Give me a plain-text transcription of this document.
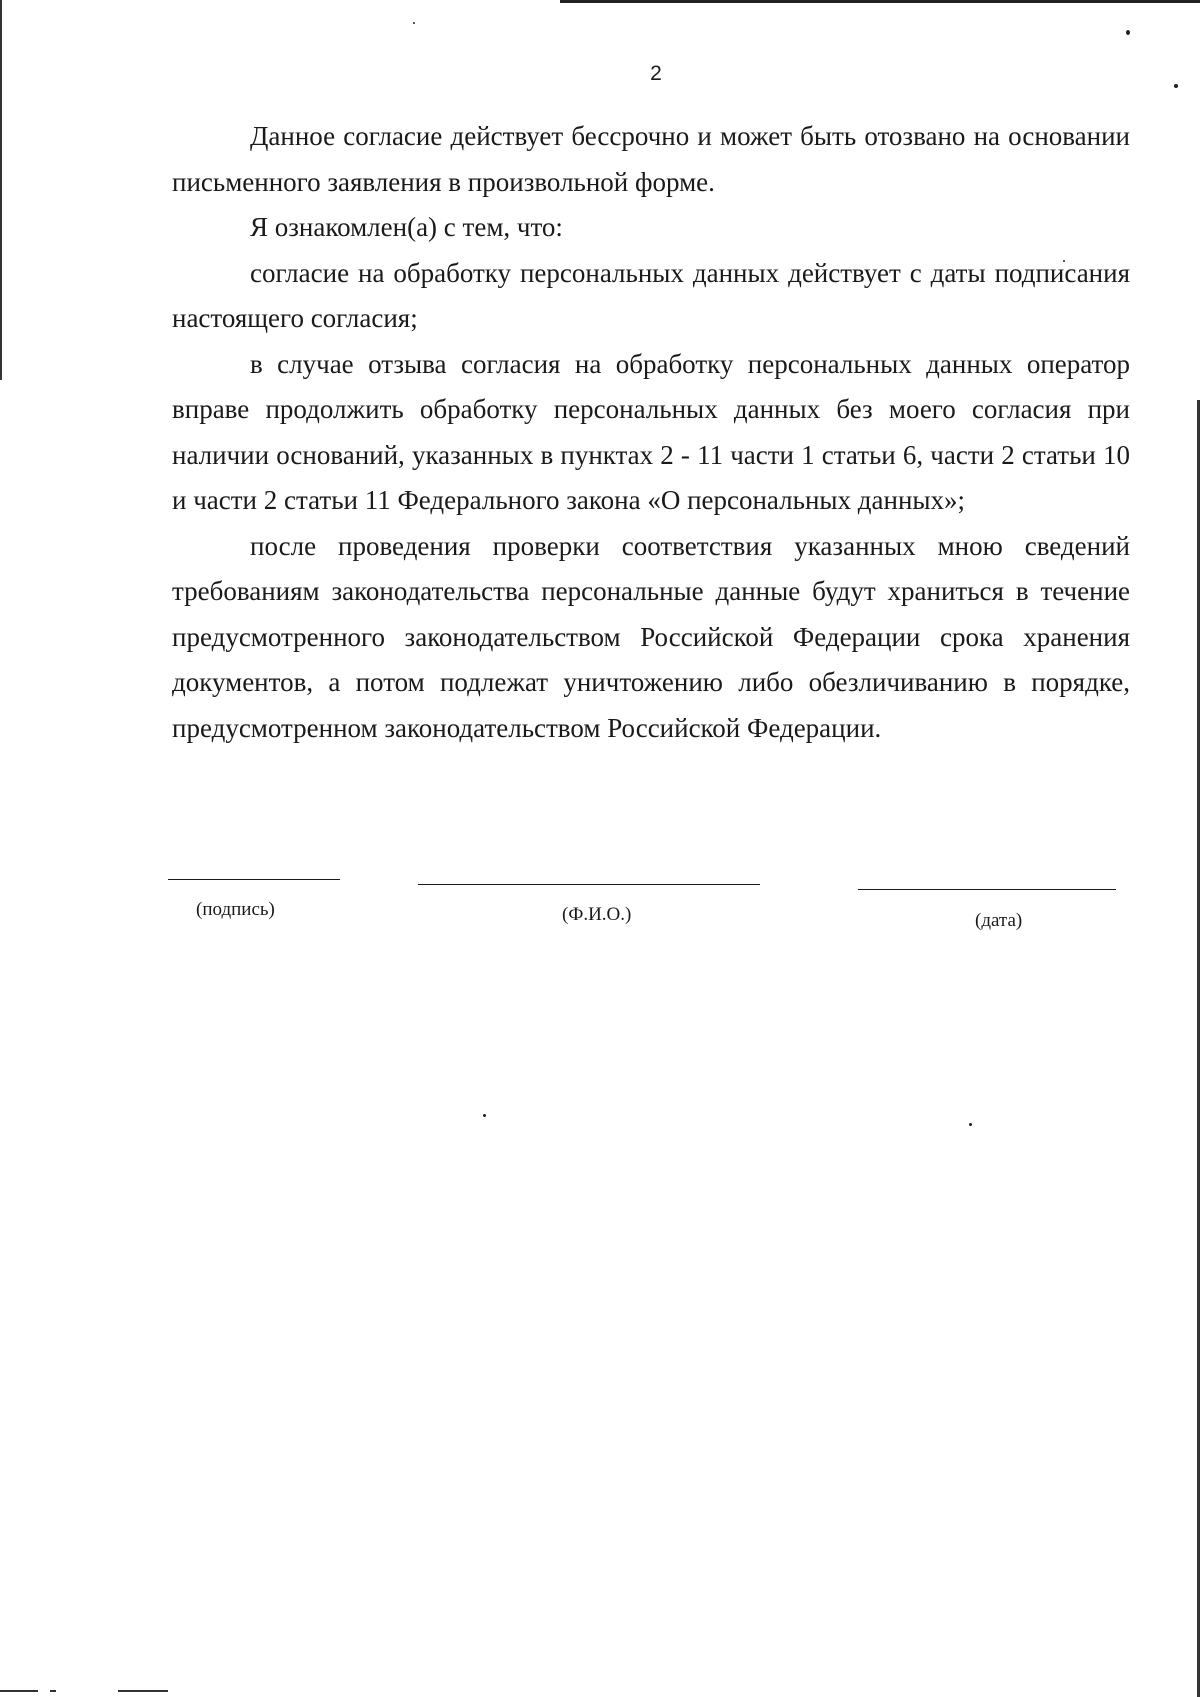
2

Данное согласие действует бессрочно и может быть отозвано на основании письменного заявления в произвольной форме.

Я ознакомлен(а) с тем, что:

согласие на обработку персональных данных действует с даты подписания настоящего согласия;

в случае отзыва согласия на обработку персональных данных оператор вправе продолжить обработку персональных данных без моего согласия при наличии оснований, указанных в пунктах 2 - 11 части 1 статьи 6, части 2 статьи 10 и части 2 статьи 11 Федерального закона «О персональных данных»;

после проведения проверки соответствия указанных мною сведений требованиям законодательства персональные данные будут храниться в течение предусмотренного законодательством Российской Федерации срока хранения документов, а потом подлежат уничтожению либо обезличиванию в порядке, предусмотренном законодательством Российской Федерации.

(подпись)	(Ф.И.О.)	(дата)
